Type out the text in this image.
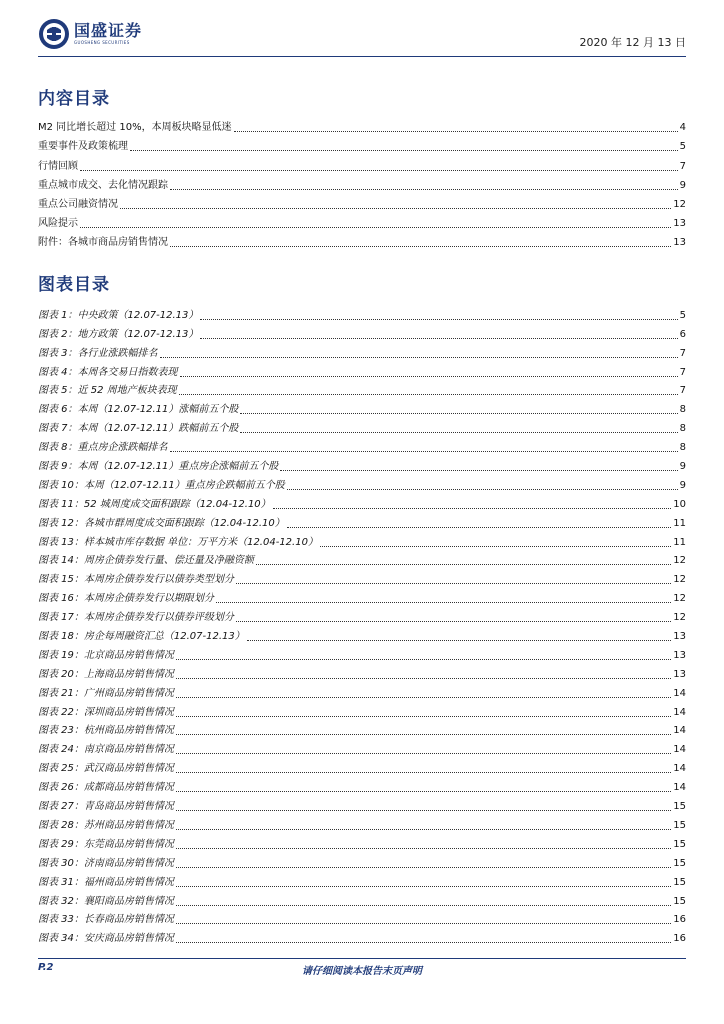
国盛证券
GUOSHENG SECURITIES	2020 年 12 月 13 日
内容目录
M2 同比增长超过 10%，本周板块略显低迷	4
重要事件及政策梳理	5
行情回顾	7
重点城市成交、去化情况跟踪	9
重点公司融资情况	12
风险提示	13
附件：各城市商品房销售情况	13
图表目录
图表 1：中央政策（12.07-12.13）	5
图表 2：地方政策（12.07-12.13）	6
图表 3：各行业涨跌幅排名	7
图表 4：本周各交易日指数表现	7
图表 5：近 52 周地产板块表现	7
图表 6：本周（12.07-12.11）涨幅前五个股	8
图表 7：本周（12.07-12.11）跌幅前五个股	8
图表 8：重点房企涨跌幅排名	8
图表 9：本周（12.07-12.11）重点房企涨幅前五个股	9
图表 10：本周（12.07-12.11）重点房企跌幅前五个股	9
图表 11：52 城周度成交面积跟踪（12.04-12.10）	10
图表 12：各城市群周度成交面积跟踪（12.04-12.10）	11
图表 13：样本城市库存数据 单位：万平方米（12.04-12.10）	11
图表 14：周房企债券发行量、偿还量及净融资额	12
图表 15：本周房企债券发行以债券类型划分	12
图表 16：本周房企债券发行以期限划分	12
图表 17：本周房企债券发行以债券评级划分	12
图表 18：房企每周融资汇总（12.07-12.13）	13
图表 19：北京商品房销售情况	13
图表 20：上海商品房销售情况	13
图表 21：广州商品房销售情况	14
图表 22：深圳商品房销售情况	14
图表 23：杭州商品房销售情况	14
图表 24：南京商品房销售情况	14
图表 25：武汉商品房销售情况	14
图表 26：成都商品房销售情况	14
图表 27：青岛商品房销售情况	15
图表 28：苏州商品房销售情况	15
图表 29：东莞商品房销售情况	15
图表 30：济南商品房销售情况	15
图表 31：福州商品房销售情况	15
图表 32：襄阳商品房销售情况	15
图表 33：长春商品房销售情况	16
图表 34：安庆商品房销售情况	16
P.2	请仔细阅读本报告末页声明
